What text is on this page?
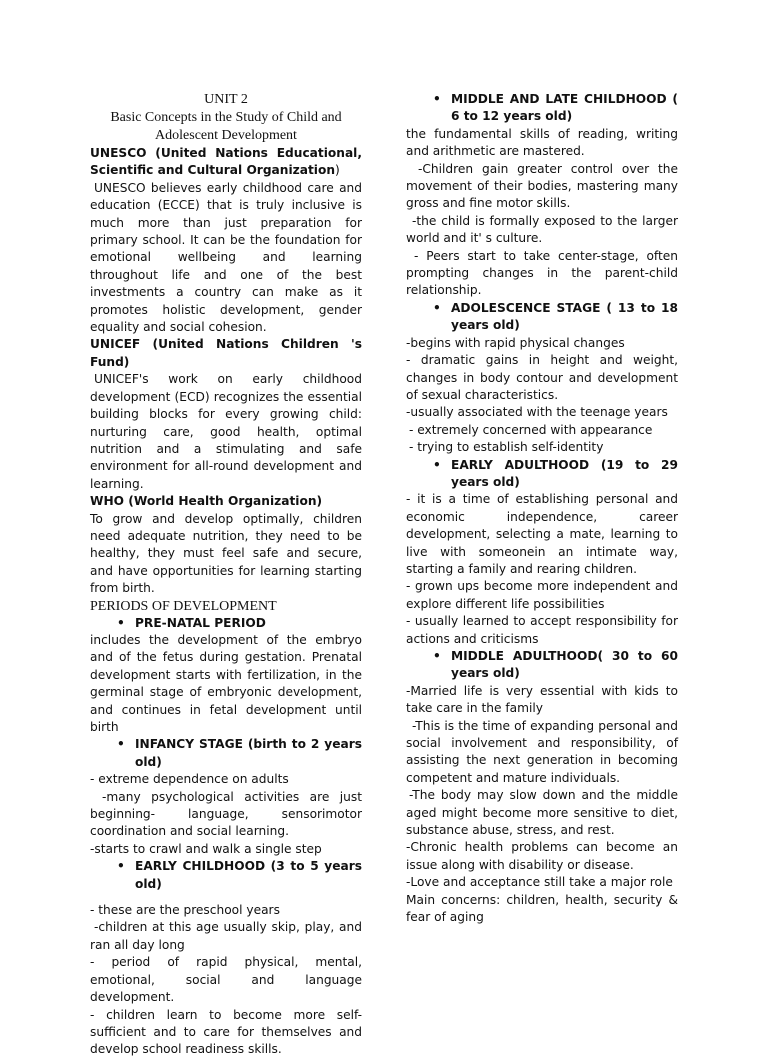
UNIT 2
Basic Concepts in the Study of Child and
Adolescent Development

UNESCO (United Nations Educational, Scientific and Cultural Organization)

UNESCO believes early childhood care and education (ECCE) that is truly inclusive is much more than just preparation for primary school. It can be the foundation for emotional wellbeing and learning throughout life and one of the best investments a country can make as it promotes holistic development, gender equality and social cohesion.

UNICEF (United Nations Children 's Fund)

UNICEF's work on early childhood development (ECD) recognizes the essential building blocks for every growing child: nurturing care, good health, optimal nutrition and a stimulating and safe environment for all-round development and learning.

WHO (World Health Organization)

To grow and develop optimally, children need adequate nutrition, they need to be healthy, they must feel safe and secure, and have opportunities for learning starting from birth.

PERIODS OF DEVELOPMENT
• PRE-NATAL PERIOD

includes the development of the embryo and of the fetus during gestation. Prenatal development starts with fertilization, in the germinal stage of embryonic development, and continues in fetal development until birth

• INFANCY STAGE (birth to 2 years old)

- extreme dependence on adults

-many psychological activities are just beginning- language, sensorimotor coordination and social learning.

-starts to crawl and walk a single step

• EARLY CHILDHOOD (3 to 5 years old)

- these are the preschool years

-children at this age usually skip, play, and ran all day long

- period of rapid physical, mental, emotional, social and language development.

- children learn to become more self-sufficient and to care for themselves and develop school readiness skills.

• MIDDLE AND LATE CHILDHOOD ( 6 to 12 years old)

the fundamental skills of reading, writing and arithmetic are mastered.

-Children gain greater control over the movement of their bodies, mastering many gross and fine motor skills.

-the child is formally exposed to the larger world and it' s culture.

- Peers start to take center-stage, often prompting changes in the parent-child relationship.

• ADOLESCENCE STAGE ( 13 to 18 years old)

-begins with rapid physical changes

- dramatic gains in height and weight, changes in body contour and development of sexual characteristics.

-usually associated with the teenage years

- extremely concerned with appearance

- trying to establish self-identity

• EARLY ADULTHOOD (19 to 29 years old)

- it is a time of establishing personal and economic independence, career development, selecting a mate, learning to live with someonein an intimate way, starting a family and rearing children.

- grown ups become more independent and explore different life possibilities

- usually learned to accept responsibility for actions and criticisms

• MIDDLE ADULTHOOD( 30 to 60 years old)

-Married life is very essential with kids to take care in the family

-This is the time of expanding personal and social involvement and responsibility, of assisting the next generation in becoming competent and mature individuals.

-The body may slow down and the middle aged might become more sensitive to diet, substance abuse, stress, and rest.

-Chronic health problems can become an issue along with disability or disease.

-Love and acceptance still take a major role

Main concerns: children, health, security & fear of aging
